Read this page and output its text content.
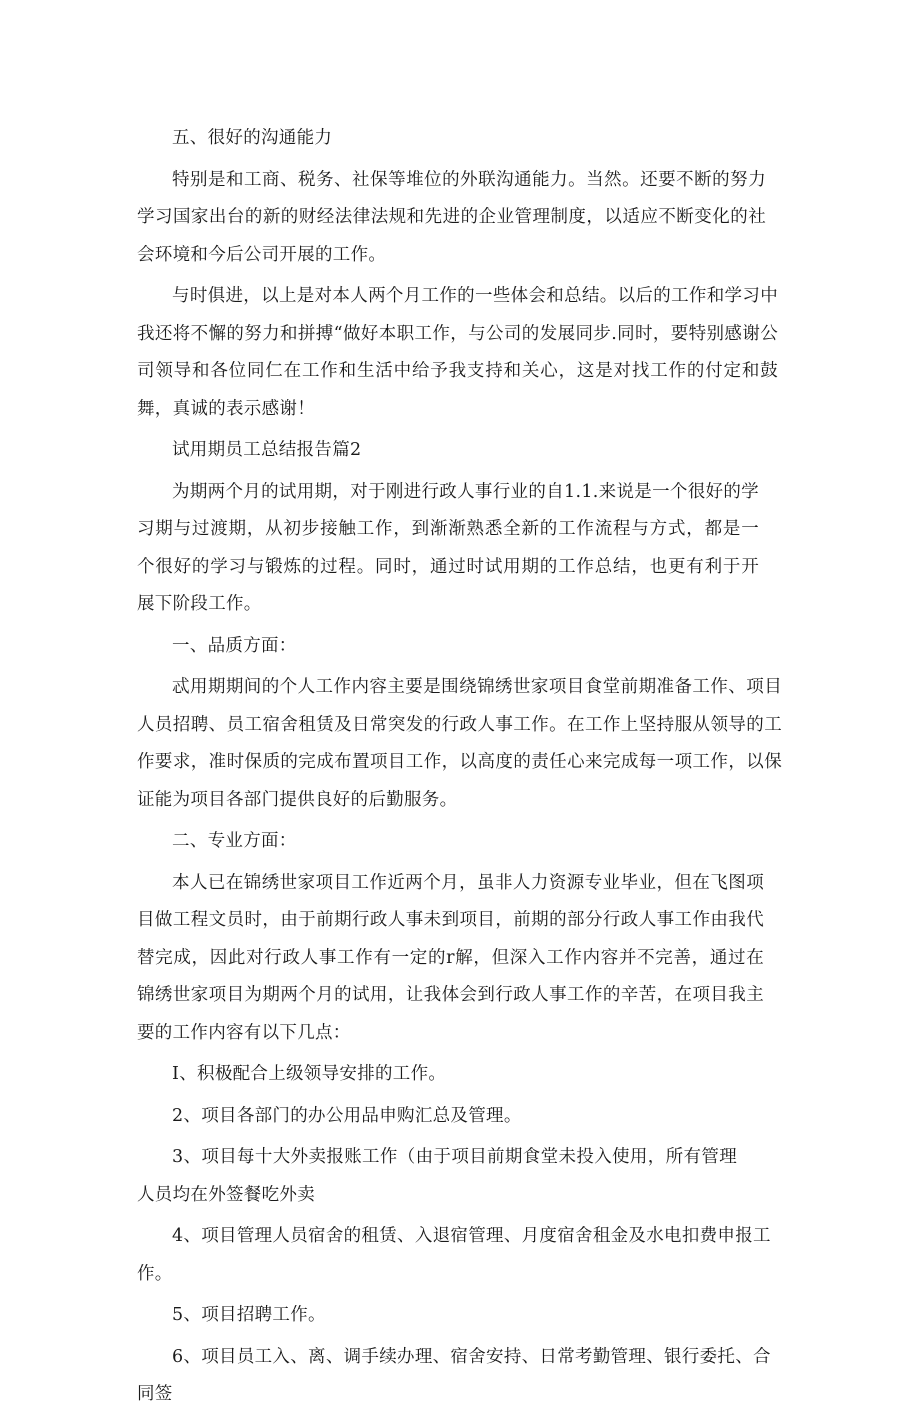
五、很好的沟通能力

特别是和工商、税务、社保等堆位的外联沟通能力。当然。还要不断的努力学习国家出台的新的财经法律法规和先进的企业管理制度，以适应不断变化的社会环境和今后公司开展的工作。

与时俱进，以上是对本人两个月工作的一些体会和总结。以后的工作和学习中我还将不懈的努力和拼搏“做好本职工作，与公司的发展同步.同时，要特别感谢公司领导和各位同仁在工作和生活中给予我支持和关心，这是对找工作的付定和鼓舞，真诚的表示感谢！

试用期员工总结报告篇2

为期两个月的试用期，对于刚进行政人事行业的自1.1.来说是一个很好的学习期与过渡期，从初步接触工作，到渐渐熟悉全新的工作流程与方式，都是一个很好的学习与锻炼的过程。同时，通过时试用期的工作总结，也更有利于开展下阶段工作。

一、品质方面：

忒用期期间的个人工作内容主要是围绕锦绣世家项目食堂前期准备工作、项目人员招聘、员工宿舍租赁及日常突发的行政人事工作。在工作上坚持服从领导的工作要求，准时保质的完成布置项目工作，以高度的责任心来完成每一项工作，以保证能为项目各部门提供良好的后勤服务。

二、专业方面：

本人已在锦绣世家项目工作近两个月，虽非人力资源专业毕业，但在飞图项目做工程文员时，由于前期行政人事未到项目，前期的部分行政人事工作由我代替完成，因此对行政人事工作有一定的r解，但深入工作内容并不完善，通过在锦绣世家项目为期两个月的试用，让我体会到行政人事工作的辛苦，在项目我主要的工作内容有以下几点：

I、积极配合上级领导安排的工作。

2、项目各部门的办公用品申购汇总及管理。

3、项目每十大外卖报账工作（由于项目前期食堂未投入使用，所有管理人员均在外签餐吃外卖

4、项目管理人员宿舍的租赁、入退宿管理、月度宿舍租金及水电扣费申报工作。

5、项目招聘工作。

6、项目员工入、离、调手续办理、宿舍安持、日常考勤管理、银行委托、合同签
